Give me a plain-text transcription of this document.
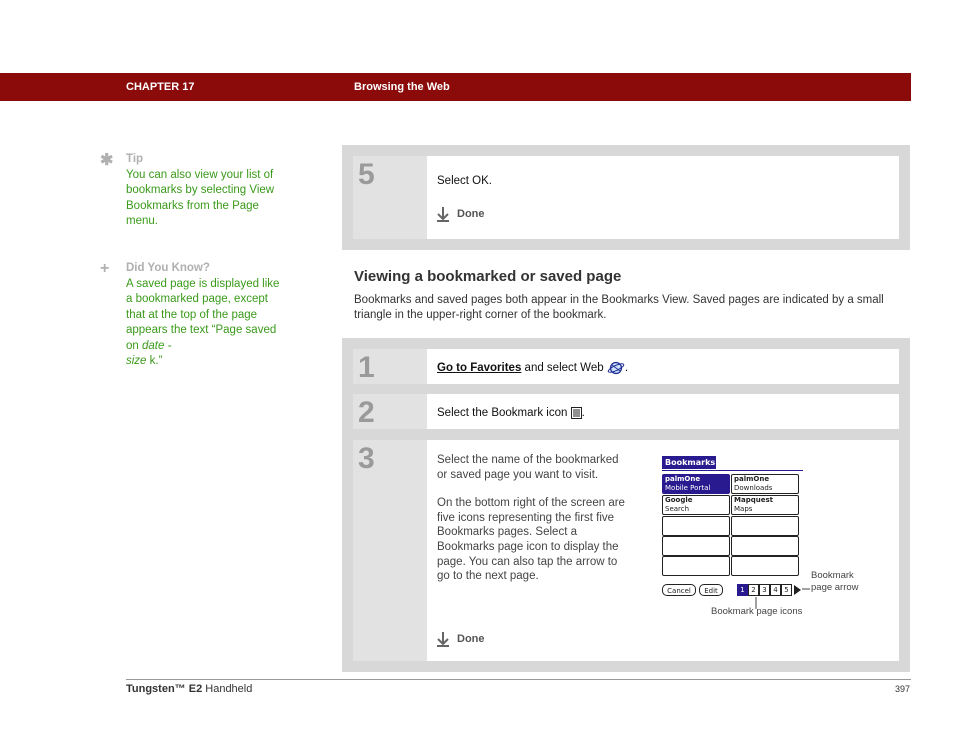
CHAPTER 17	Browsing the Web
✱ Tip
You can also view your list of bookmarks by selecting View Bookmarks from the Page menu.
+	Did You Know?
A saved page is displayed like a bookmarked page, except that at the top of the page appears the text “Page saved on date -
size k.”
5	Select OK.
Done
Viewing a bookmarked or saved page
Bookmarks and saved pages both appear in the Bookmarks View. Saved pages are indicated by a small triangle in the upper-right corner of the bookmark.
1	Go to Favorites and select Web .
2	Select the Bookmark icon .
3	Select the name of the bookmarked or saved page you want to visit.
On the bottom right of the screen are five icons representing the first five Bookmarks pages. Select a Bookmarks page icon to display the page. You can also tap the arrow to go to the next page.
Done
Bookmarks
palmOne
Mobile Portal
palmOne
Downloads
Google
Search
Mapquest
Maps
Cancel	Edit	1 2 3 4 5
Bookmark
page arrow
Bookmark page icons
Tungsten™ E2 Handheld	397
